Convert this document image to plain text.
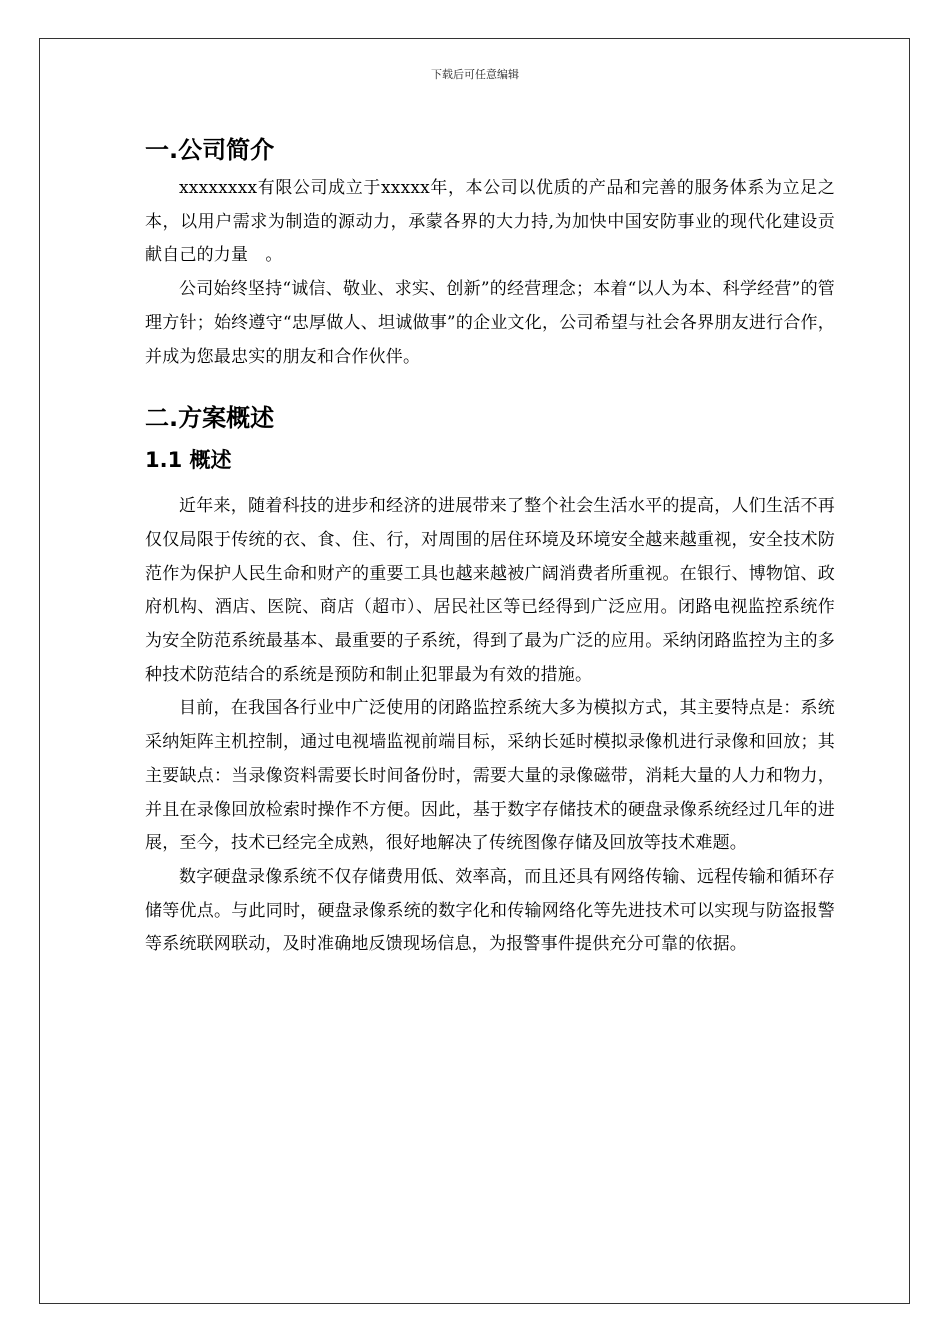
下载后可任意编辑
一.公司简介

xxxxxxxx有限公司成立于xxxxx年，本公司以优质的产品和完善的服务体系为立足之本，以用户需求为制造的源动力，承蒙各界的大力持,为加快中国安防事业的现代化建设贡献自己的力量　。

公司始终坚持“诚信、敬业、求实、创新”的经营理念；本着“以人为本、科学经营”的管理方针；始终遵守“忠厚做人、坦诚做事”的企业文化，公司希望与社会各界朋友进行合作，并成为您最忠实的朋友和合作伙伴。

二.方案概述
1.1 概述

近年来，随着科技的进步和经济的进展带来了整个社会生活水平的提高，人们生活不再仅仅局限于传统的衣、食、住、行，对周围的居住环境及环境安全越来越重视，安全技术防范作为保护人民生命和财产的重要工具也越来越被广阔消费者所重视。在银行、博物馆、政府机构、酒店、医院、商店（超市）、居民社区等已经得到广泛应用。闭路电视监控系统作为安全防范系统最基本、最重要的子系统，得到了最为广泛的应用。采纳闭路监控为主的多种技术防范结合的系统是预防和制止犯罪最为有效的措施。

目前，在我国各行业中广泛使用的闭路监控系统大多为模拟方式，其主要特点是：系统采纳矩阵主机控制，通过电视墙监视前端目标，采纳长延时模拟录像机进行录像和回放；其主要缺点：当录像资料需要长时间备份时，需要大量的录像磁带，消耗大量的人力和物力，并且在录像回放检索时操作不方便。因此，基于数字存储技术的硬盘录像系统经过几年的进展，至今，技术已经完全成熟，很好地解决了传统图像存储及回放等技术难题。

数字硬盘录像系统不仅存储费用低、效率高，而且还具有网络传输、远程传输和循环存储等优点。与此同时，硬盘录像系统的数字化和传输网络化等先进技术可以实现与防盗报警等系统联网联动，及时准确地反馈现场信息，为报警事件提供充分可靠的依据。
